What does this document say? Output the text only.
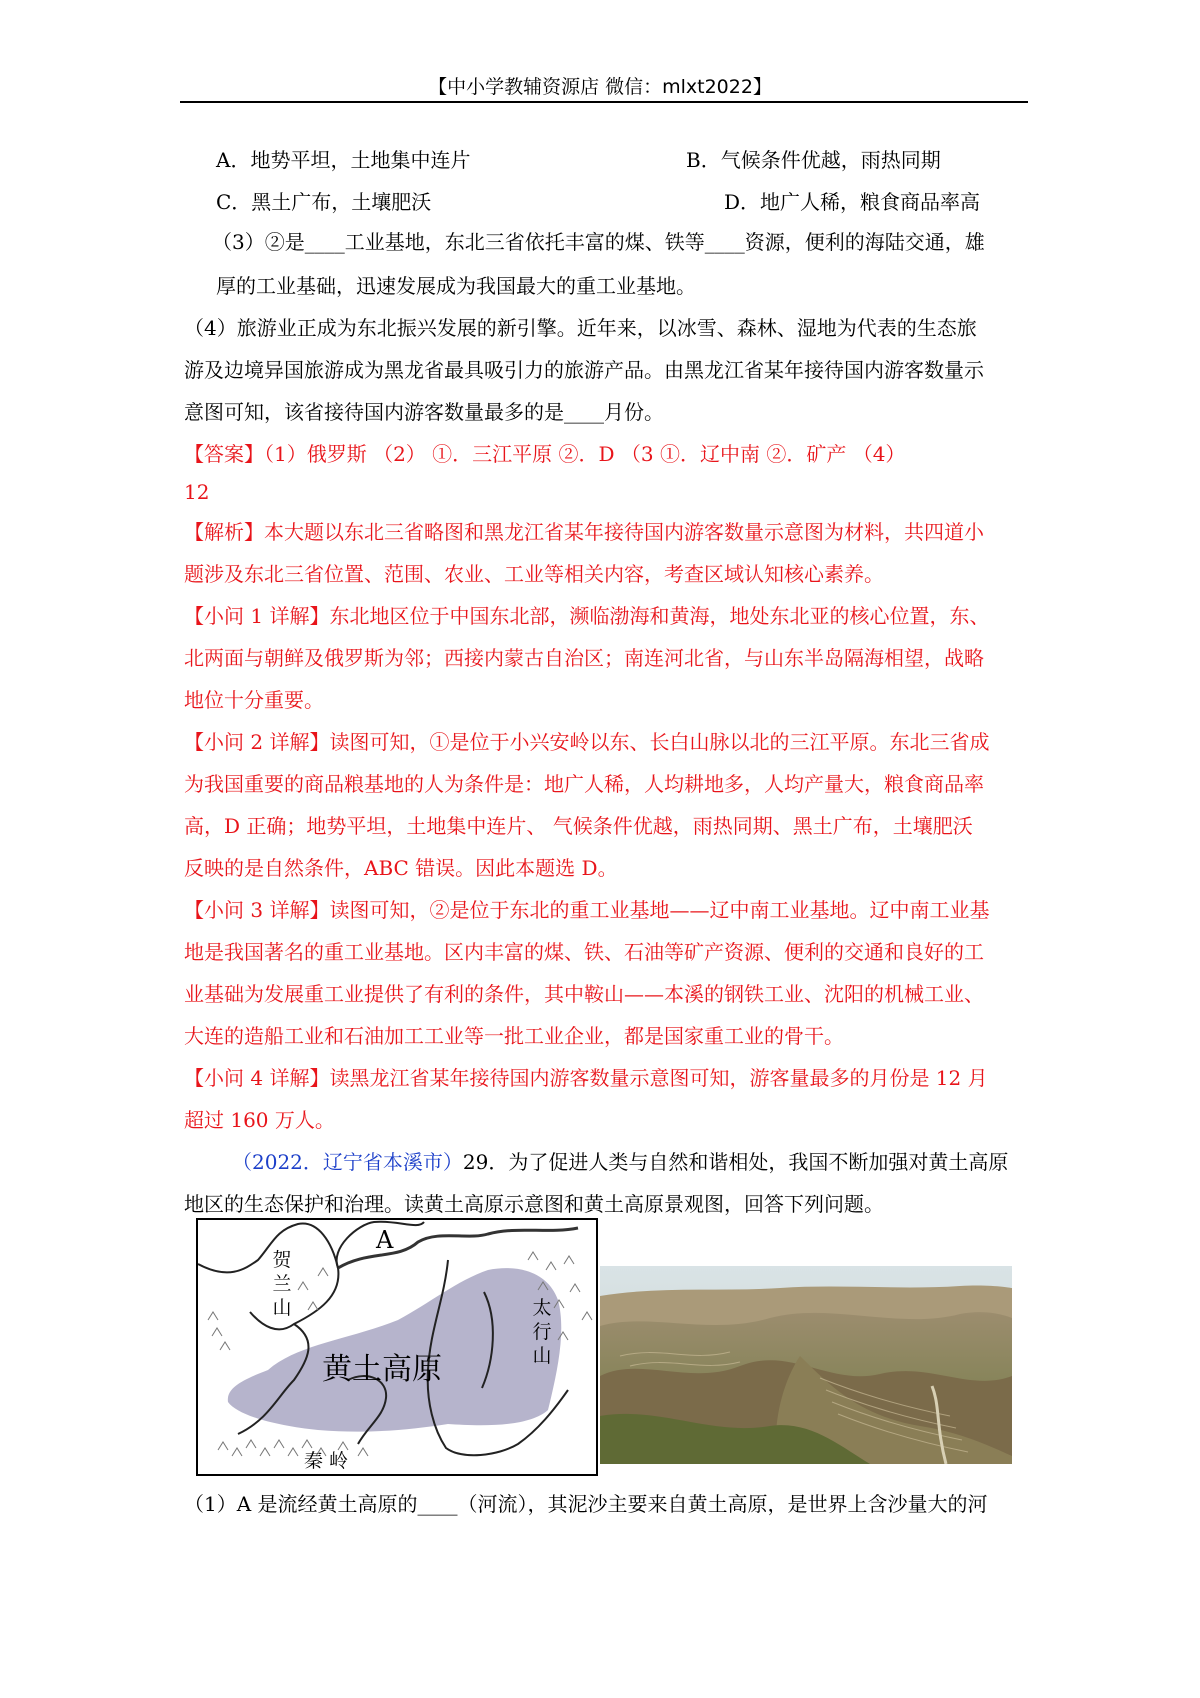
【中小学教辅资源店 微信：mlxt2022】
A．地势平坦，土地集中连片	B．气候条件优越，雨热同期
C．黑土广布，土壤肥沃	D．地广人稀，粮食商品率高
（3）②是____工业基地，东北三省依托丰富的煤、铁等____资源，便利的海陆交通，雄
厚的工业基础，迅速发展成为我国最大的重工业基地。
（4）旅游业正成为东北振兴发展的新引擎。近年来，以冰雪、森林、湿地为代表的生态旅
游及边境异国旅游成为黑龙省最具吸引力的旅游产品。由黑龙江省某年接待国内游客数量示
意图可知，该省接待国内游客数量最多的是____月份。
【答案】（1）俄罗斯 （2） ①．三江平原 ②．D （3 ①．辽中南 ②．矿产 （4）
12
【解析】本大题以东北三省略图和黑龙江省某年接待国内游客数量示意图为材料，共四道小
题涉及东北三省位置、范围、农业、工业等相关内容，考查区域认知核心素养。
【小问 1 详解】东北地区位于中国东北部，濒临渤海和黄海，地处东北亚的核心位置，东、
北两面与朝鲜及俄罗斯为邻；西接内蒙古自治区；南连河北省，与山东半岛隔海相望，战略
地位十分重要。
【小问 2 详解】读图可知，①是位于小兴安岭以东、长白山脉以北的三江平原。东北三省成
为我国重要的商品粮基地的人为条件是：地广人稀，人均耕地多，人均产量大，粮食商品率
高，D 正确；地势平坦，土地集中连片、 气候条件优越，雨热同期、黑土广布，土壤肥沃
反映的是自然条件，ABC 错误。因此本题选 D。
【小问 3 详解】读图可知，②是位于东北的重工业基地——辽中南工业基地。辽中南工业基
地是我国著名的重工业基地。区内丰富的煤、铁、石油等矿产资源、便利的交通和良好的工
业基础为发展重工业提供了有利的条件，其中鞍山——本溪的钢铁工业、沈阳的机械工业、
大连的造船工业和石油加工工业等一批工业企业，都是国家重工业的骨干。
【小问 4 详解】读黑龙江省某年接待国内游客数量示意图可知，游客量最多的月份是 12 月
超过 160 万人。
（2022．辽宁省本溪市）29．为了促进人类与自然和谐相处，我国不断加强对黄土高原
地区的生态保护和治理。读黄土高原示意图和黄土高原景观图，回答下列问题。
A
贺
兰
山	太
行
山
黄土高原
秦 岭
（1）A 是流经黄土高原的____（河流），其泥沙主要来自黄土高原，是世界上含沙量大的河
